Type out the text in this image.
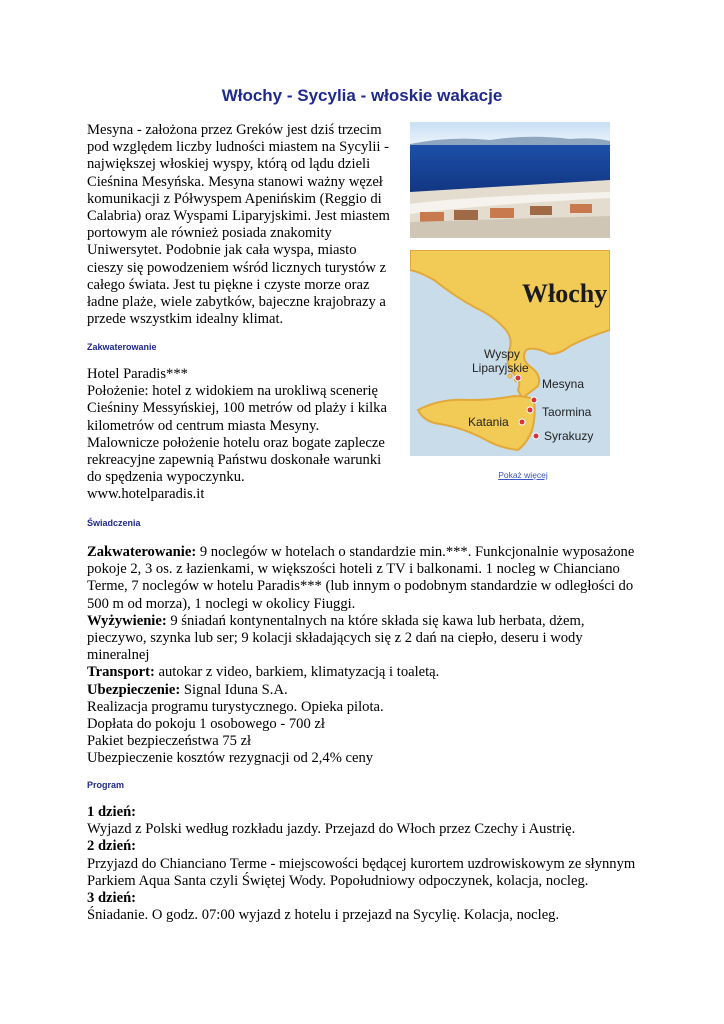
Włochy - Sycylia - włoskie wakacje
Mesyna - założona przez Greków jest dziś trzecim
pod względem liczby ludności miastem na Sycylii -
największej włoskiej wyspy, którą od lądu dzieli
Cieśnina Mesyńska. Mesyna stanowi ważny węzeł
komunikacji z Półwyspem Apenińskim (Reggio di
Calabria) oraz Wyspami Liparyjskimi. Jest miastem
portowym ale również posiada znakomity
Uniwersytet. Podobnie jak cała wyspa, miasto
cieszy się powodzeniem wśród licznych turystów z
całego świata. Jest tu piękne i czyste morze oraz
ładne plaże, wiele zabytków, bajeczne krajobrazy a
przede wszystkim idealny klimat.
Włochy
Wyspy
Liparyjskie
Mesyna
Taormina
Katania
Syrakuzy
Pokaż więcej
Zakwaterowanie
Hotel Paradis***
Położenie: hotel z widokiem na urokliwą scenerię
Cieśniny Messyńskiej, 100 metrów od plaży i kilka
kilometrów od centrum miasta Mesyny.
Malownicze położenie hotelu oraz bogate zaplecze
rekreacyjne zapewnią Państwu doskonałe warunki
do spędzenia wypoczynku.
www.hotelparadis.it
Świadczenia
Zakwaterowanie: 9 noclegów w hotelach o standardzie min.***. Funkcjonalnie wyposażone
pokoje 2, 3 os. z łazienkami, w większości hoteli z TV i balkonami. 1 nocleg w Chianciano
Terme, 7 noclegów w hotelu Paradis*** (lub innym o podobnym standardzie w odległości do
500 m od morza), 1 noclegi w okolicy Fiuggi.
Wyżywienie: 9 śniadań kontynentalnych na które składa się kawa lub herbata, dżem,
pieczywo, szynka lub ser; 9 kolacji składających się z 2 dań na ciepło, deseru i wody
mineralnej
Transport: autokar z video, barkiem, klimatyzacją i toaletą.
Ubezpieczenie: Signal Iduna S.A.
Realizacja programu turystycznego. Opieka pilota.
Dopłata do pokoju 1 osobowego - 700 zł
Pakiet bezpieczeństwa 75 zł
Ubezpieczenie kosztów rezygnacji od 2,4% ceny
Program
1 dzień:
Wyjazd z Polski według rozkładu jazdy. Przejazd do Włoch przez Czechy i Austrię.
2 dzień:
Przyjazd do Chianciano Terme - miejscowości będącej kurortem uzdrowiskowym ze słynnym
Parkiem Aqua Santa czyli Świętej Wody. Popołudniowy odpoczynek, kolacja, nocleg.
3 dzień:
Śniadanie. O godz. 07:00 wyjazd z hotelu i przejazd na Sycylię. Kolacja, nocleg.
